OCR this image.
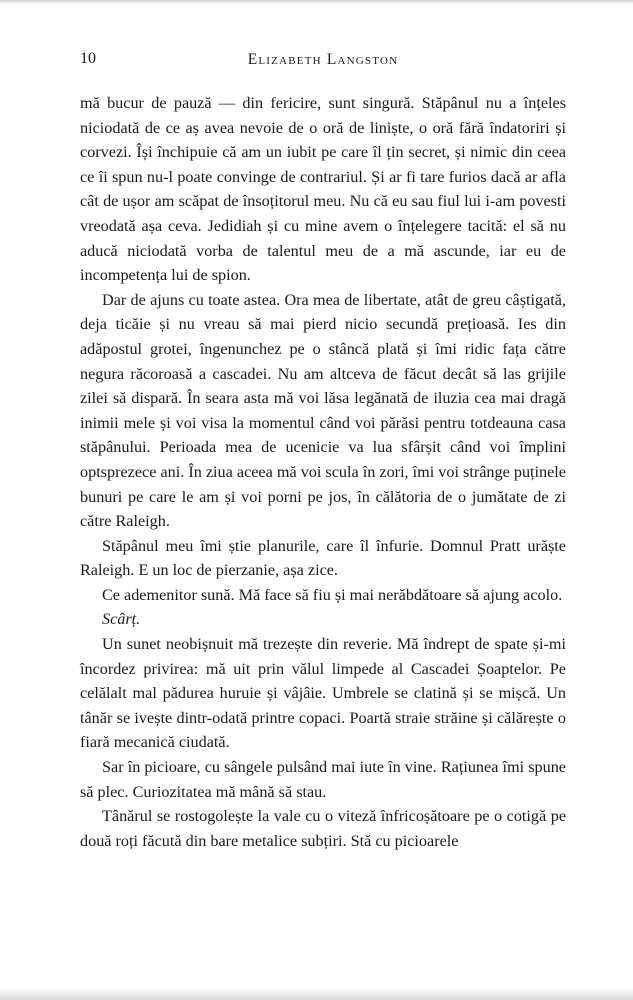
10	Elizabeth Langston

mă bucur de pauză — din fericire, sunt singură. Stăpânul nu a înțeles niciodată de ce aș avea nevoie de o oră de liniște, o oră fără îndatoriri și corvezi. Își închipuie că am un iubit pe care îl țin secret, și nimic din ceea ce îi spun nu-l poate convinge de contrariul. Și ar fi tare furios dacă ar afla cât de ușor am scăpat de însoțitorul meu. Nu că eu sau fiul lui i-am povesti vreodată așa ceva. Jedidiah și cu mine avem o înțelegere tacită: el să nu aducă niciodată vorba de talentul meu de a mă ascunde, iar eu de incompetența lui de spion.

Dar de ajuns cu toate astea. Ora mea de libertate, atât de greu câștigată, deja ticăie și nu vreau să mai pierd nicio secundă prețioasă. Ies din adăpostul grotei, îngenunchez pe o stâncă plată și îmi ridic fața către negura răcoroasă a cascadei. Nu am altceva de făcut decât să las grijile zilei să dispară. În seara asta mă voi lăsa legănată de iluzia cea mai dragă inimii mele și voi visa la momentul când voi părăsi pentru totdeauna casa stăpânului. Perioada mea de ucenicie va lua sfârșit când voi împlini optsprezece ani. În ziua aceea mă voi scula în zori, îmi voi strânge puținele bunuri pe care le am și voi porni pe jos, în călătoria de o jumătate de zi către Raleigh.

Stăpânul meu îmi știe planurile, care îl înfurie. Domnul Pratt urăște Raleigh. E un loc de pierzanie, așa zice.

Ce ademenitor sună. Mă face să fiu și mai nerăbdătoare să ajung acolo.

Scârț.

Un sunet neobișnuit mă trezește din reverie. Mă îndrept de spate și-mi încordez privirea: mă uit prin vălul limpede al Cascadei Șoaptelor. Pe celălalt mal pădurea huruie și vâjâie. Umbrele se clatină și se mișcă. Un tânăr se ivește dintr-odată printre copaci. Poartă straie străine și călărește o fiară mecanică ciudată.

Sar în picioare, cu sângele pulsând mai iute în vine. Rațiunea îmi spune să plec. Curiozitatea mă mână să stau.

Tânărul se rostogolește la vale cu o viteză înfricoșătoare pe o cotigă pe două roți făcută din bare metalice subțiri. Stă cu picioarele
